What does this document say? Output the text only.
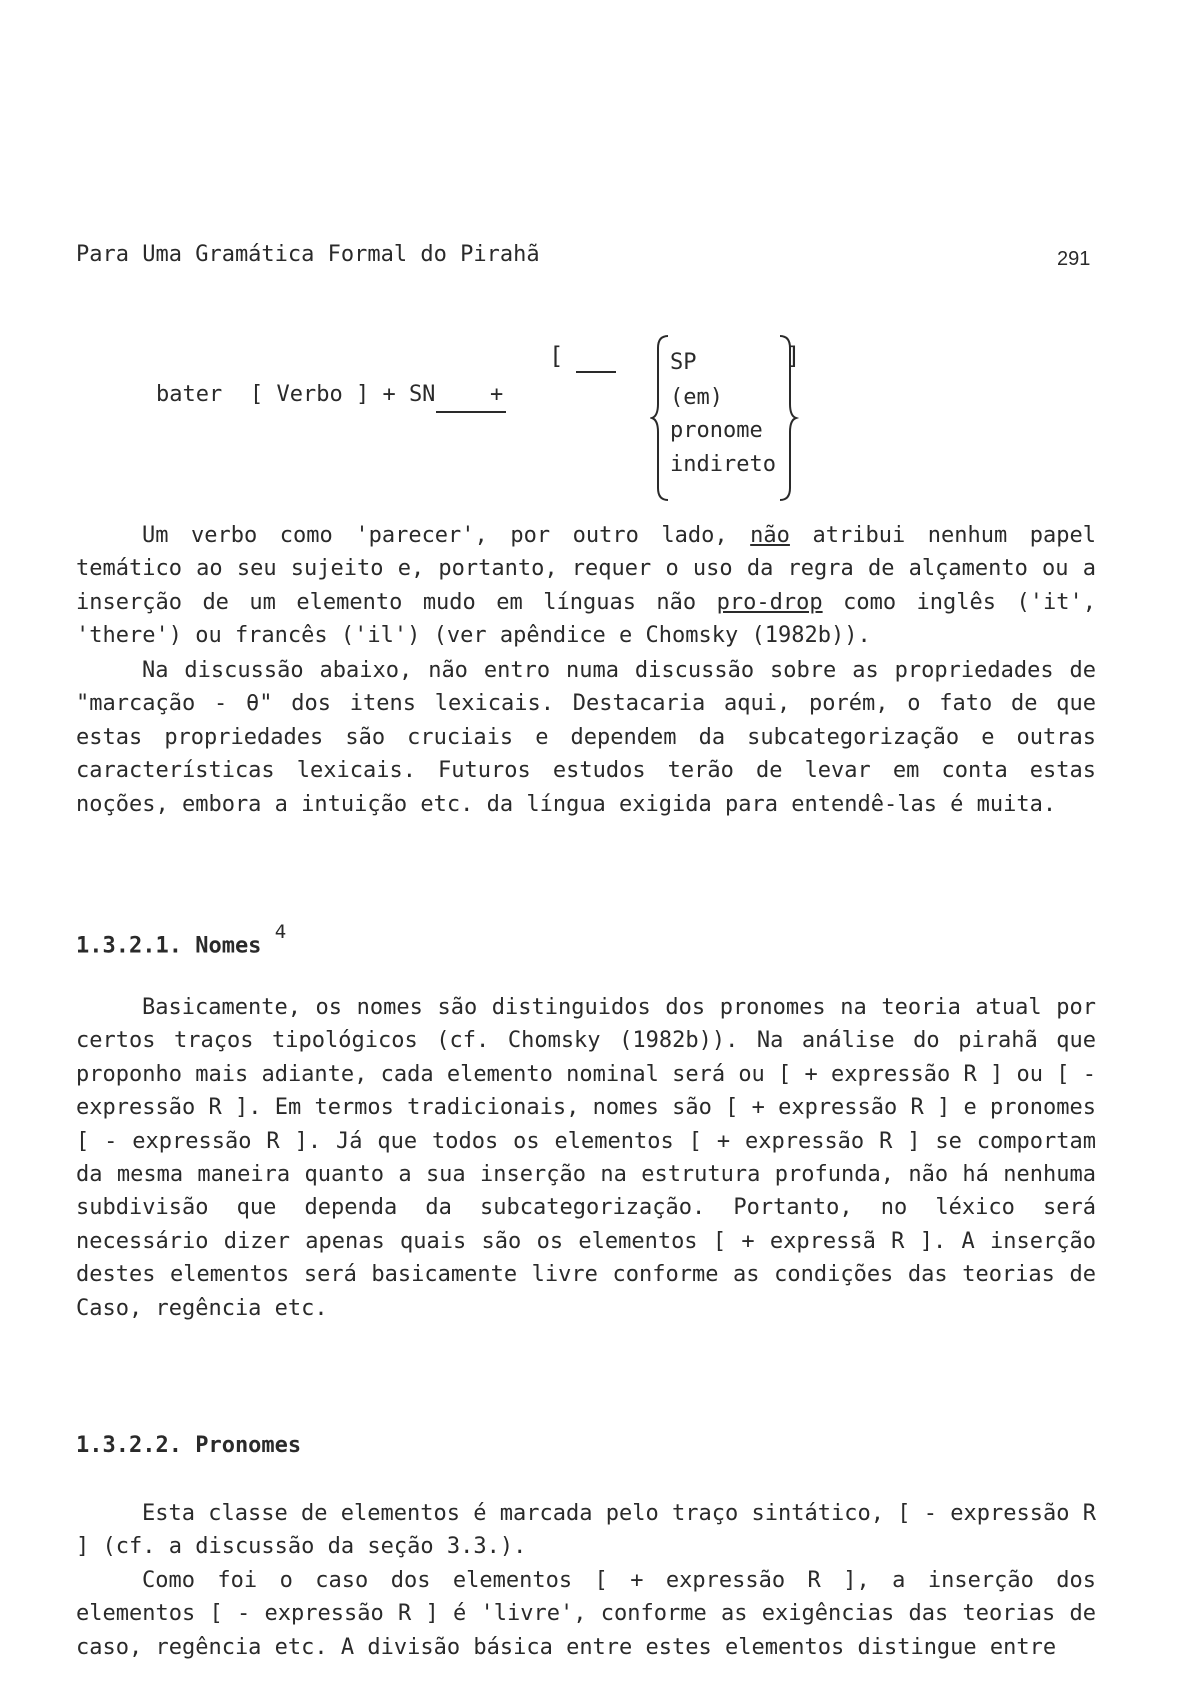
Para Uma Gramática Formal do Pirahã	291
bater [ Verbo ] + SN +
[	]
SP
(em)
pronome
indireto

Um verbo como 'parecer', por outro lado, não atribui nenhum papel temático ao seu sujeito e, portanto, requer o uso da regra de alçamento ou a inserção de um elemento mudo em línguas não pro-drop como inglês ('it', 'there') ou francês ('il') (ver apêndice e Chomsky (1982b)).

Na discussão abaixo, não entro numa discussão sobre as propriedades de "marcação - θ" dos itens lexicais. Destacaria aqui, porém, o fato de que estas propriedades são cruciais e dependem da subcategorização e outras características lexicais. Futuros estudos terão de levar em conta estas noções, embora a intuição etc. da língua exigida para entendê-las é muita.

1.3.2.1. Nomes $^4$

Basicamente, os nomes são distinguidos dos pronomes na teoria atual por certos traços tipológicos (cf. Chomsky (1982b)). Na análise do pirahã que proponho mais adiante, cada elemento nominal será ou [ + expressão R ] ou [ - expressão R ]. Em termos tradicionais, nomes são [ + expressão R ] e pronomes [ - expressão R ]. Já que todos os elementos [ + expressão R ] se comportam da mesma maneira quanto a sua inserção na estrutura profunda, não há nenhuma subdivisão que dependa da subcategorização. Portanto, no léxico será necessário dizer apenas quais são os elementos [ + expressã R ]. A inserção destes elementos será basicamente livre conforme as condições das teorias de Caso, regência etc.

1.3.2.2. Pronomes

Esta classe de elementos é marcada pelo traço sintático, [ - expressão R ] (cf. a discussão da seção 3.3.).

Como foi o caso dos elementos [ + expressão R ], a inserção dos elementos [ - expressão R ] é 'livre', conforme as exigências das teorias de caso, regência etc. A divisão básica entre estes elementos distingue entre
